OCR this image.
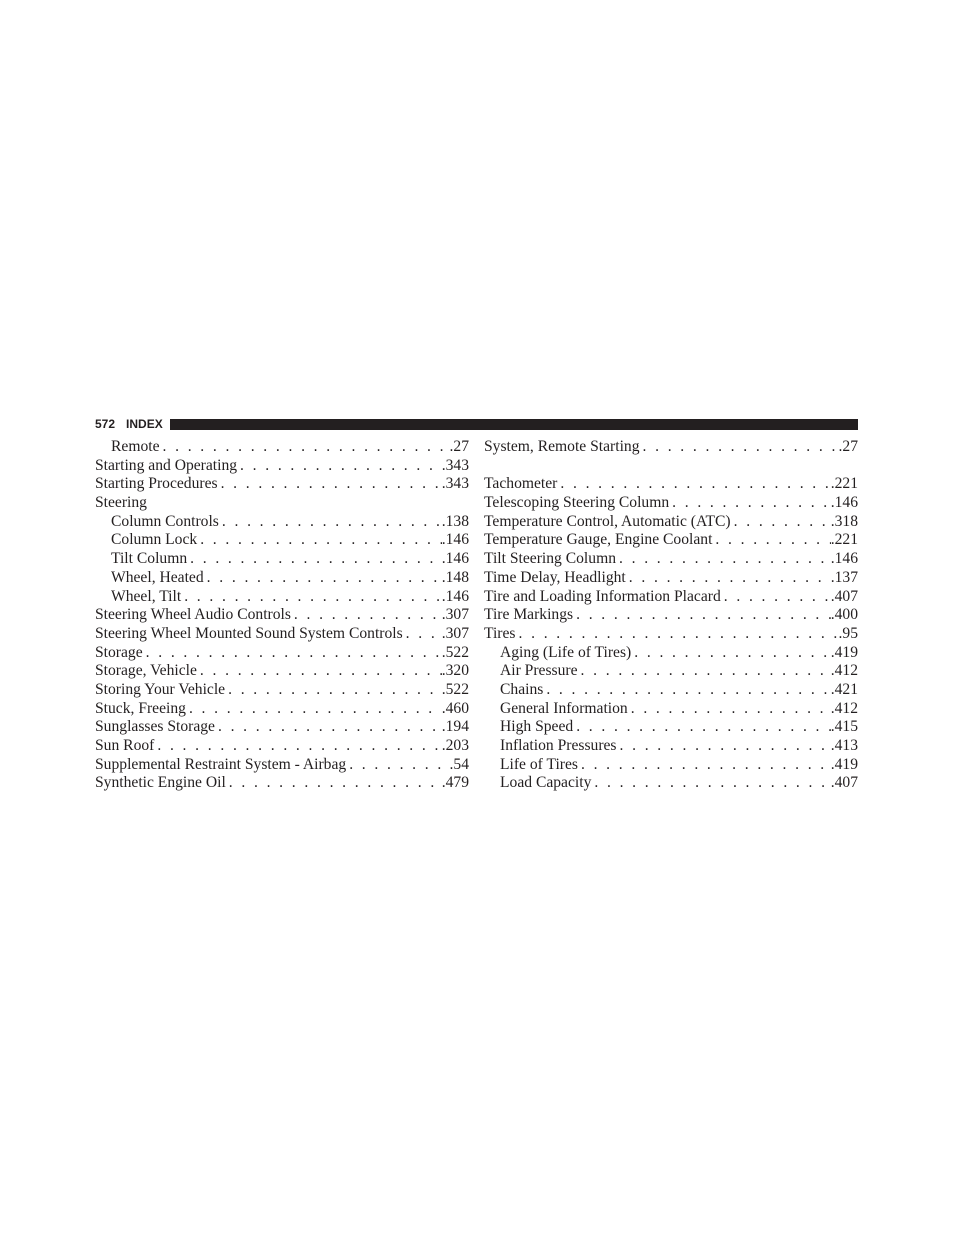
572 INDEX
Remote . . .	.27
Starting and Operating . . .	.343
Starting Procedures . . .	.343
Steering
Column Controls . . .	.138
Column Lock . . .	.146
Tilt Column . . .	.146
Wheel, Heated . . .	.148
Wheel, Tilt . . .	.146
Steering Wheel Audio Controls . . .	.307
Steering Wheel Mounted Sound System Controls . . .	.307
Storage . . .	.522
Storage, Vehicle . . .	.320
Storing Your Vehicle . . .	.522
Stuck, Freeing . . .	.460
Sunglasses Storage . . .	.194
Sun Roof . . .	.203
Supplemental Restraint System - Airbag . . .	.54
Synthetic Engine Oil . . .	.479
System, Remote Starting . . .	.27
Tachometer . . .	.221
Telescoping Steering Column . . .	.146
Temperature Control, Automatic (ATC) . . .	.318
Temperature Gauge, Engine Coolant . . .	.221
Tilt Steering Column . . .	.146
Time Delay, Headlight . . .	.137
Tire and Loading Information Placard . . .	.407
Tire Markings . . .	.400
Tires . . .	.95
Aging (Life of Tires) . . .	.419
Air Pressure . . .	.412
Chains . . .	.421
General Information . . .	.412
High Speed . . .	.415
Inflation Pressures . . .	.413
Life of Tires . . .	.419
Load Capacity . . .	.407
